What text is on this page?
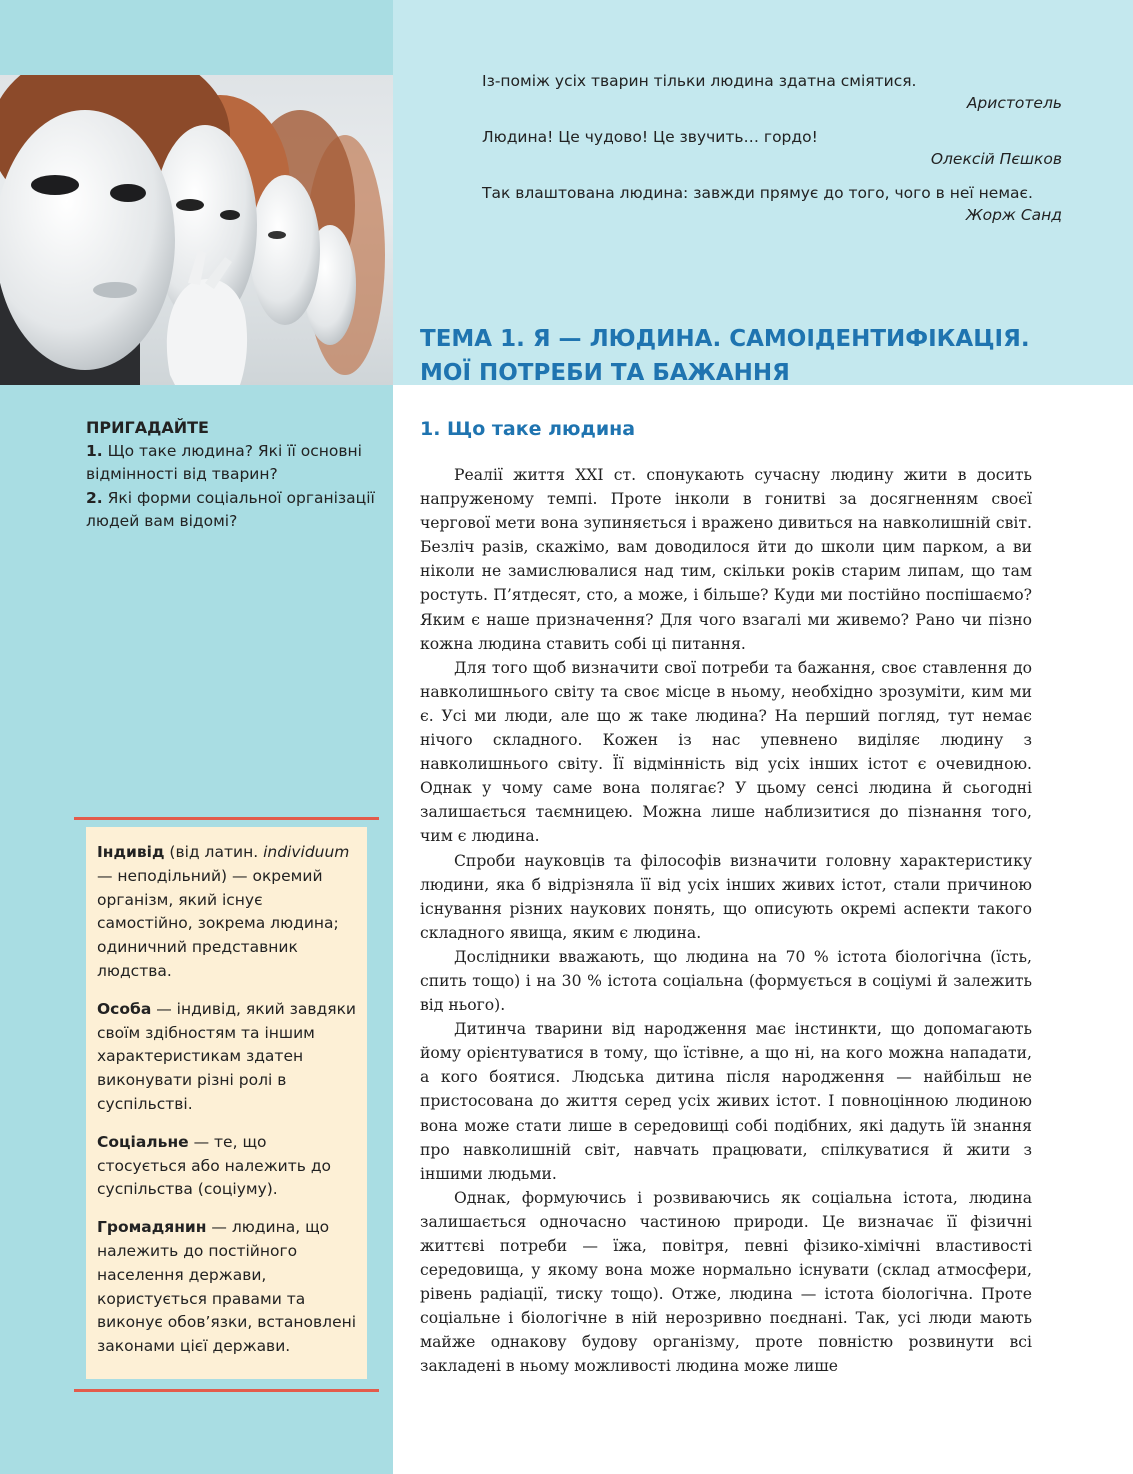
Із-поміж усіх тварин тільки людина здатна сміятися.

Аристотель

Людина! Це чудово! Це звучить… гордо!

Олексій Пєшков

Так влаштована людина: завжди прямує до того, чого в неї немає.

Жорж Санд

ТЕМА 1. Я — ЛЮДИНА. САМОІДЕНТИФІКАЦІЯ.
МОЇ ПОТРЕБИ ТА БАЖАННЯ
1. Що таке людина

ПРИГАДАЙТЕ

1. Що таке людина? Які її основні відмінності від тварин?

2. Які форми соціальної організації людей вам відомі?

Індивід (від латин. individuum — неподільний) — окремий організм, який існує самостійно, зокрема людина; одиничний представник людства.

Особа — індивід, який завдяки своїм здібностям та іншим характеристикам здатен виконувати різні ролі в суспільстві.

Соціальне — те, що стосується або належить до суспільства (соціуму).

Громадянин — людина, що належить до постійного населення держави, користується правами та виконує обов’язки, встановлені законами цієї держави.

Реалії життя XXI ст. спонукають сучасну людину жити в досить напруженому темпі. Проте інколи в гонитві за досягненням своєї чергової мети вона зупиняється і вражено дивиться на навколишній світ. Безліч разів, скажімо, вам доводилося йти до школи цим парком, а ви ніколи не замислювалися над тим, скільки років старим липам, що там ростуть. П’ятдесят, сто, а може, і більше? Куди ми постійно поспішаємо? Яким є наше призначення? Для чого взагалі ми живемо? Рано чи пізно кожна людина ставить собі ці питання.

Для того щоб визначити свої потреби та бажання, своє ставлення до навколишнього світу та своє місце в ньому, необхідно зрозуміти, ким ми є. Усі ми люди, але що ж таке людина? На перший погляд, тут немає нічого складного. Кожен із нас упевнено виділяє людину з навколишнього світу. Її відмінність від усіх інших істот є очевидною. Однак у чому саме вона полягає? У цьому сенсі людина й сьогодні залишається таємницею. Можна лише наблизитися до пізнання того, чим є людина.

Спроби науковців та філософів визначити головну характеристику людини, яка б відрізняла її від усіх інших живих істот, стали причиною існування різних наукових понять, що описують окремі аспекти такого складного явища, яким є людина.

Дослідники вважають, що людина на 70 % істота біологічна (їсть, спить тощо) і на 30 % істота соціальна (формується в соціумі й залежить від нього).

Дитинча тварини від народження має інстинкти, що допомагають йому орієнтуватися в тому, що їстівне, а що ні, на кого можна нападати, а кого боятися. Людська дитина після народження — найбільш не пристосована до життя серед усіх живих істот. І повноцінною людиною вона може стати лише в середовищі собі подібних, які дадуть їй знання про навколишній світ, навчать працювати, спілкуватися й жити з іншими людьми.

Однак, формуючись і розвиваючись як соціальна істота, людина залишається одночасно частиною природи. Це визначає її фізичні життєві потреби — їжа, повітря, певні фізико-хімічні властивості середовища, у якому вона може нормально існувати (склад атмосфери, рівень радіації, тиску тощо). Отже, людина — істота біологічна. Проте соціальне і біологічне в ній нерозривно поєднані. Так, усі люди мають майже однакову будову організму, проте повністю розвинути всі закладені в ньому можливості людина може лише
